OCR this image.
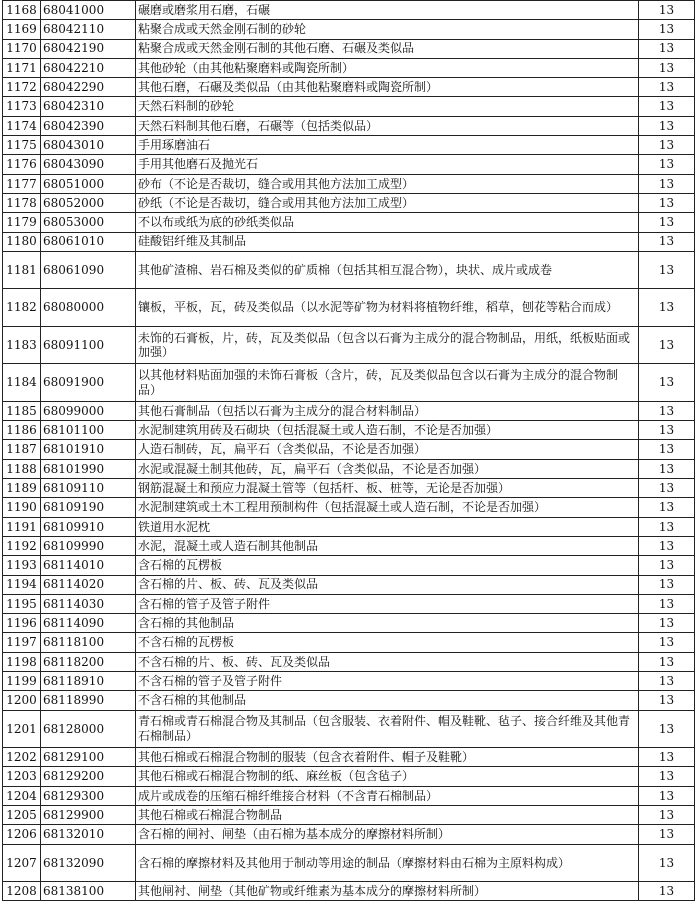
1168	68041000	碾磨或磨浆用石磨，石碾	13
1169	68042110	粘聚合成或天然金刚石制的砂轮	13
1170	68042190	粘聚合成或天然金刚石制的其他石磨、石碾及类似品	13
1171	68042210	其他砂轮（由其他粘聚磨料或陶瓷所制）	13
1172	68042290	其他石磨，石碾及类似品（由其他粘聚磨料或陶瓷所制）	13
1173	68042310	天然石料制的砂轮	13
1174	68042390	天然石料制其他石磨，石碾等（包括类似品）	13
1175	68043010	手用琢磨油石	13
1176	68043090	手用其他磨石及抛光石	13
1177	68051000	砂布（不论是否裁切，缝合或用其他方法加工成型）	13
1178	68052000	砂纸（不论是否裁切，缝合或用其他方法加工成型）	13
1179	68053000	不以布或纸为底的砂纸类似品	13
1180	68061010	硅酸铝纤维及其制品	13
1181	68061090	其他矿渣棉、岩石棉及类似的矿质棉（包括其相互混合物），块状、成片或成卷	13
1182	68080000	镶板，平板，瓦，砖及类似品（以水泥等矿物为材料将植物纤维，稻草，刨花等粘合而成）	13
1183	68091100	未饰的石膏板，片，砖，瓦及类似品（包含以石膏为主成分的混合物制品，用纸，纸板贴面或加强）	13
1184	68091900	以其他材料贴面加强的未饰石膏板（含片，砖，瓦及类似品包含以石膏为主成分的混合物制品）	13
1185	68099000	其他石膏制品（包括以石膏为主成分的混合材料制品）	13
1186	68101100	水泥制建筑用砖及石砌块（包括混凝土或人造石制，不论是否加强）	13
1187	68101910	人造石制砖，瓦，扁平石（含类似品，不论是否加强）	13
1188	68101990	水泥或混凝土制其他砖，瓦，扁平石（含类似品，不论是否加强）	13
1189	68109110	钢筋混凝土和预应力混凝土管等（包括杆、板、桩等，无论是否加强）	13
1190	68109190	水泥制建筑或土木工程用预制构件（包括混凝土或人造石制，不论是否加强）	13
1191	68109910	铁道用水泥枕	13
1192	68109990	水泥，混凝土或人造石制其他制品	13
1193	68114010	含石棉的瓦楞板	13
1194	68114020	含石棉的片、板、砖、瓦及类似品	13
1195	68114030	含石棉的管子及管子附件	13
1196	68114090	含石棉的其他制品	13
1197	68118100	不含石棉的瓦楞板	13
1198	68118200	不含石棉的片、板、砖、瓦及类似品	13
1199	68118910	不含石棉的管子及管子附件	13
1200	68118990	不含石棉的其他制品	13
1201	68128000	青石棉或青石棉混合物及其制品（包含服装、衣着附件、帽及鞋靴、毡子、接合纤维及其他青石棉制品）	13
1202	68129100	其他石棉或石棉混合物制的服装（包含衣着附件、帽子及鞋靴）	13
1203	68129200	其他石棉或石棉混合物制的纸、麻丝板（包含毡子）	13
1204	68129300	成片或成卷的压缩石棉纤维接合材料（不含青石棉制品）	13
1205	68129900	其他石棉或石棉混合物制品	13
1206	68132010	含石棉的闸衬、闸垫（由石棉为基本成分的摩擦材料所制）	13
1207	68132090	含石棉的摩擦材料及其他用于制动等用途的制品（摩擦材料由石棉为主原料构成）	13
1208	68138100	其他闸衬、闸垫（其他矿物或纤维素为基本成分的摩擦材料所制）	13
